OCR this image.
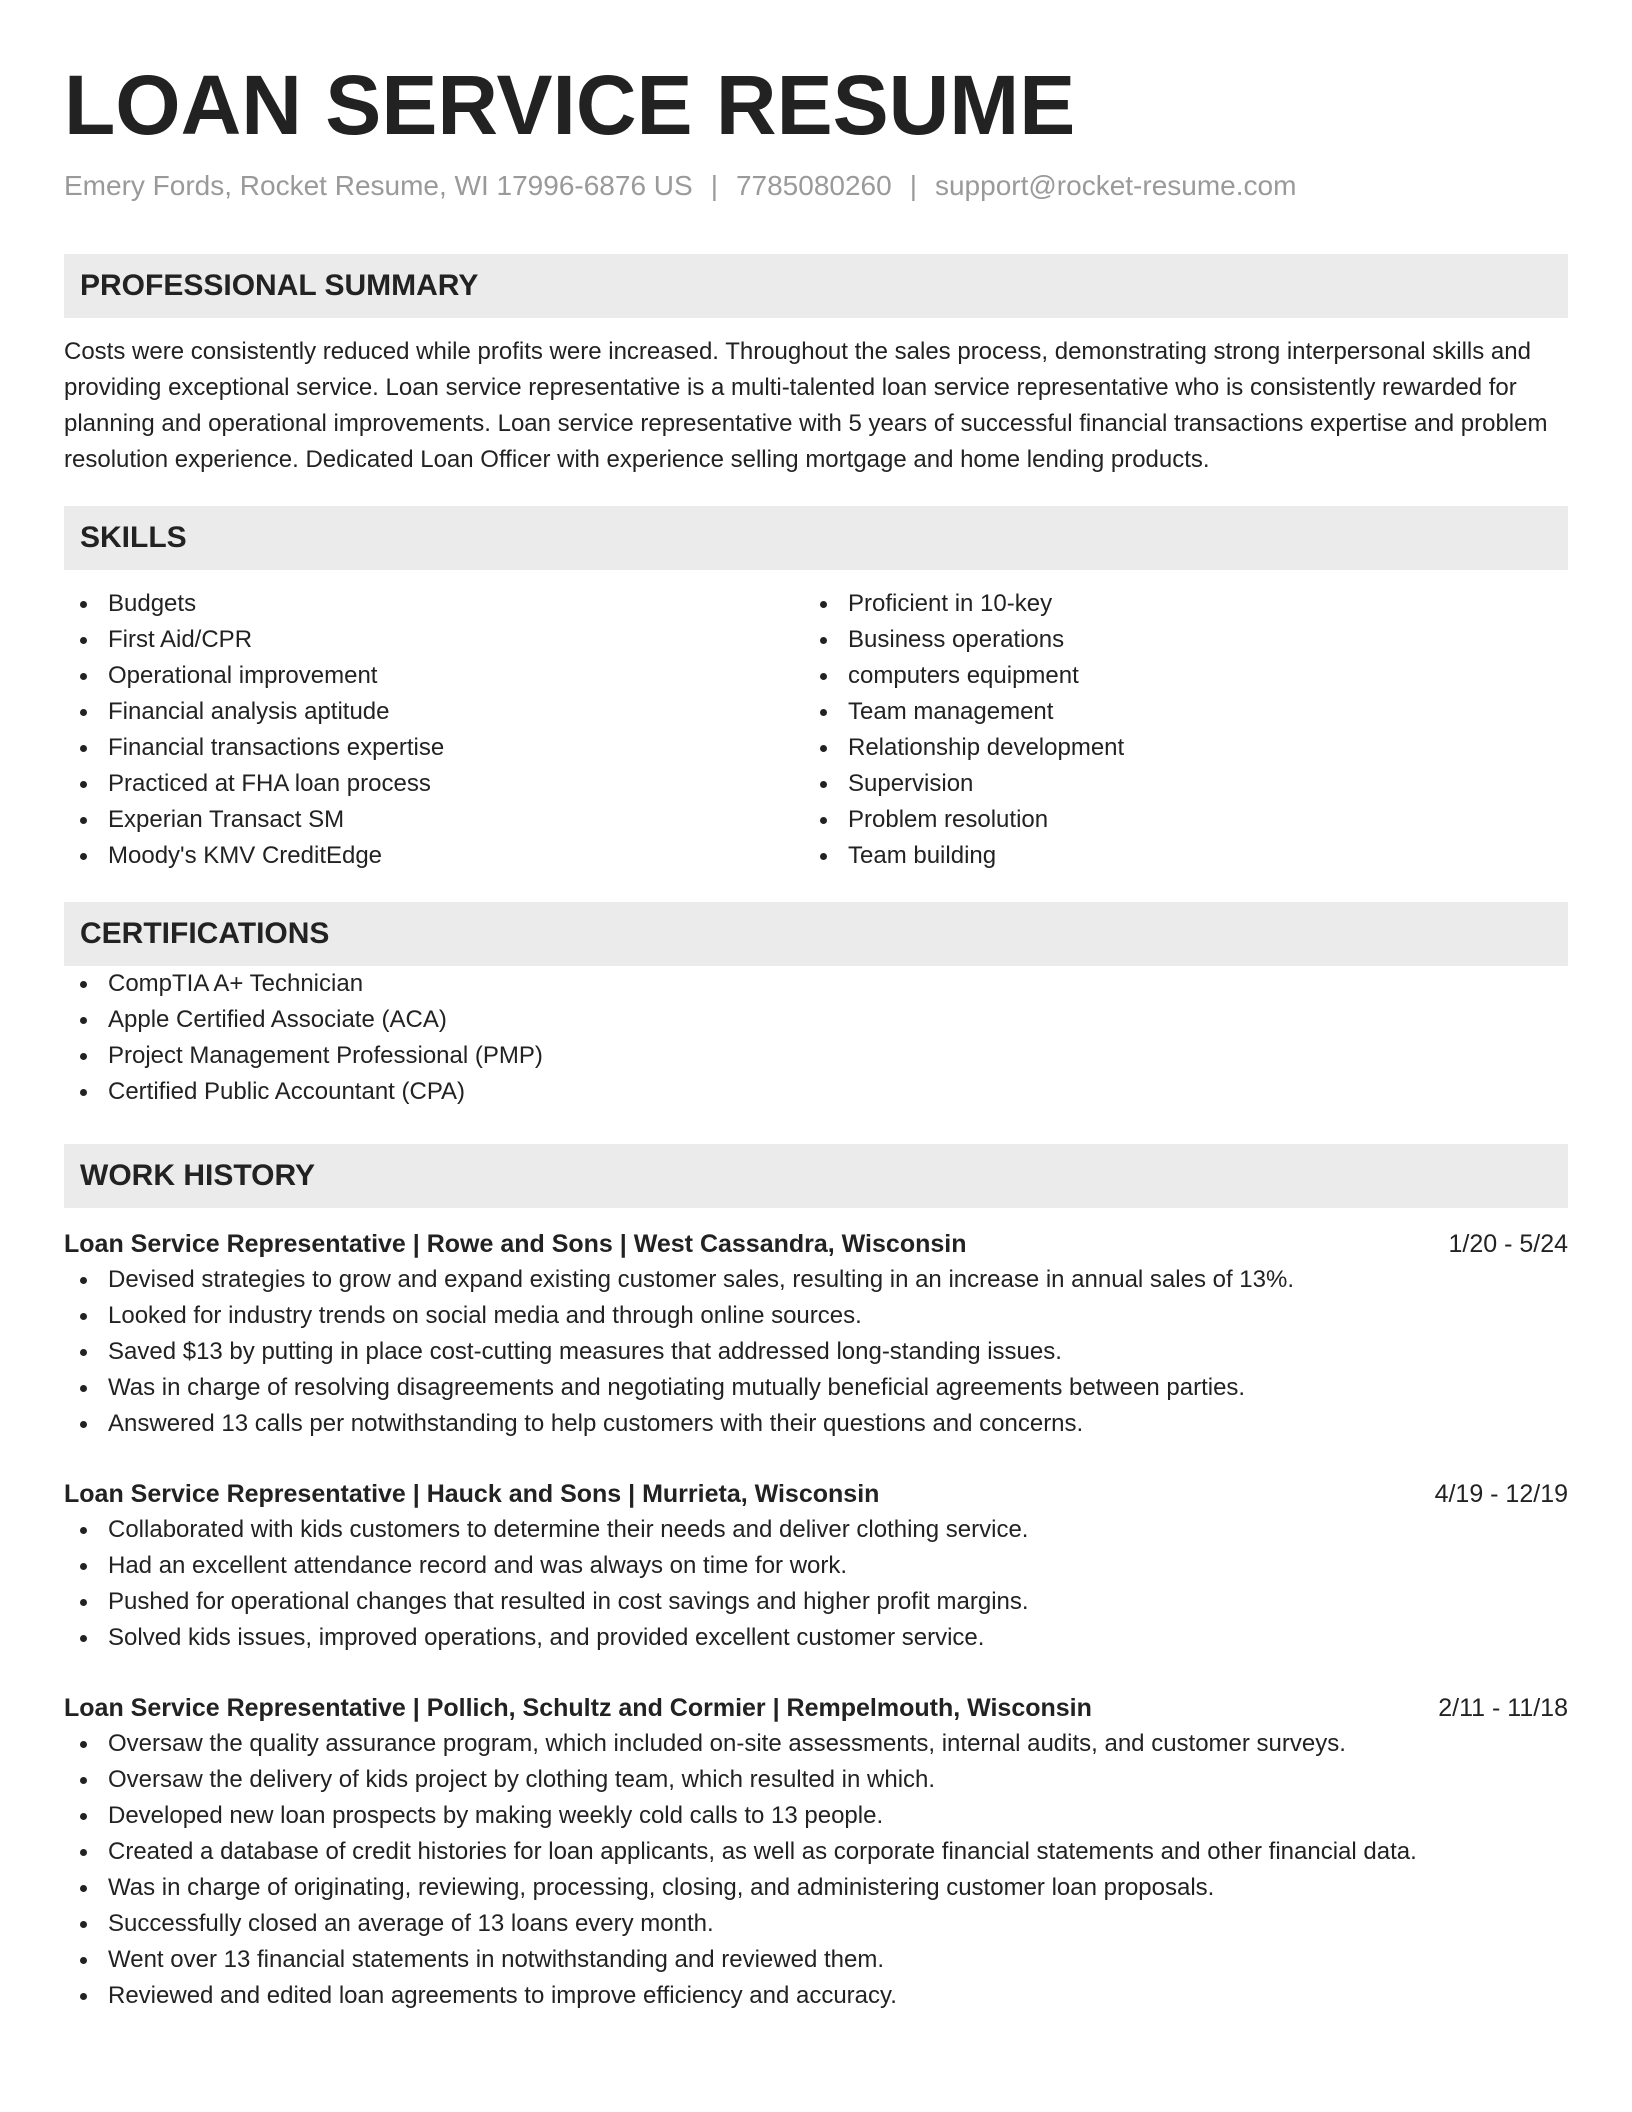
LOAN SERVICE RESUME
Emery Fords, Rocket Resume, WI 17996-6876 US | 7785080260 | support@rocket-resume.com
PROFESSIONAL SUMMARY
Costs were consistently reduced while profits were increased. Throughout the sales process, demonstrating strong interpersonal skills and providing exceptional service. Loan service representative is a multi-talented loan service representative who is consistently rewarded for planning and operational improvements. Loan service representative with 5 years of successful financial transactions expertise and problem resolution experience. Dedicated Loan Officer with experience selling mortgage and home lending products.
SKILLS
Budgets
First Aid/CPR
Operational improvement
Financial analysis aptitude
Financial transactions expertise
Practiced at FHA loan process
Experian Transact SM
Moody's KMV CreditEdge
Proficient in 10-key
Business operations
computers equipment
Team management
Relationship development
Supervision
Problem resolution
Team building
CERTIFICATIONS
CompTIA A+ Technician
Apple Certified Associate (ACA)
Project Management Professional (PMP)
Certified Public Accountant (CPA)
WORK HISTORY
Loan Service Representative | Rowe and Sons | West Cassandra, Wisconsin	1/20 - 5/24
Devised strategies to grow and expand existing customer sales, resulting in an increase in annual sales of 13%.
Looked for industry trends on social media and through online sources.
Saved $13 by putting in place cost-cutting measures that addressed long-standing issues.
Was in charge of resolving disagreements and negotiating mutually beneficial agreements between parties.
Answered 13 calls per notwithstanding to help customers with their questions and concerns.
Loan Service Representative | Hauck and Sons | Murrieta, Wisconsin	4/19 - 12/19
Collaborated with kids customers to determine their needs and deliver clothing service.
Had an excellent attendance record and was always on time for work.
Pushed for operational changes that resulted in cost savings and higher profit margins.
Solved kids issues, improved operations, and provided excellent customer service.
Loan Service Representative | Pollich, Schultz and Cormier | Rempelmouth, Wisconsin	2/11 - 11/18
Oversaw the quality assurance program, which included on-site assessments, internal audits, and customer surveys.
Oversaw the delivery of kids project by clothing team, which resulted in which.
Developed new loan prospects by making weekly cold calls to 13 people.
Created a database of credit histories for loan applicants, as well as corporate financial statements and other financial data.
Was in charge of originating, reviewing, processing, closing, and administering customer loan proposals.
Successfully closed an average of 13 loans every month.
Went over 13 financial statements in notwithstanding and reviewed them.
Reviewed and edited loan agreements to improve efficiency and accuracy.
